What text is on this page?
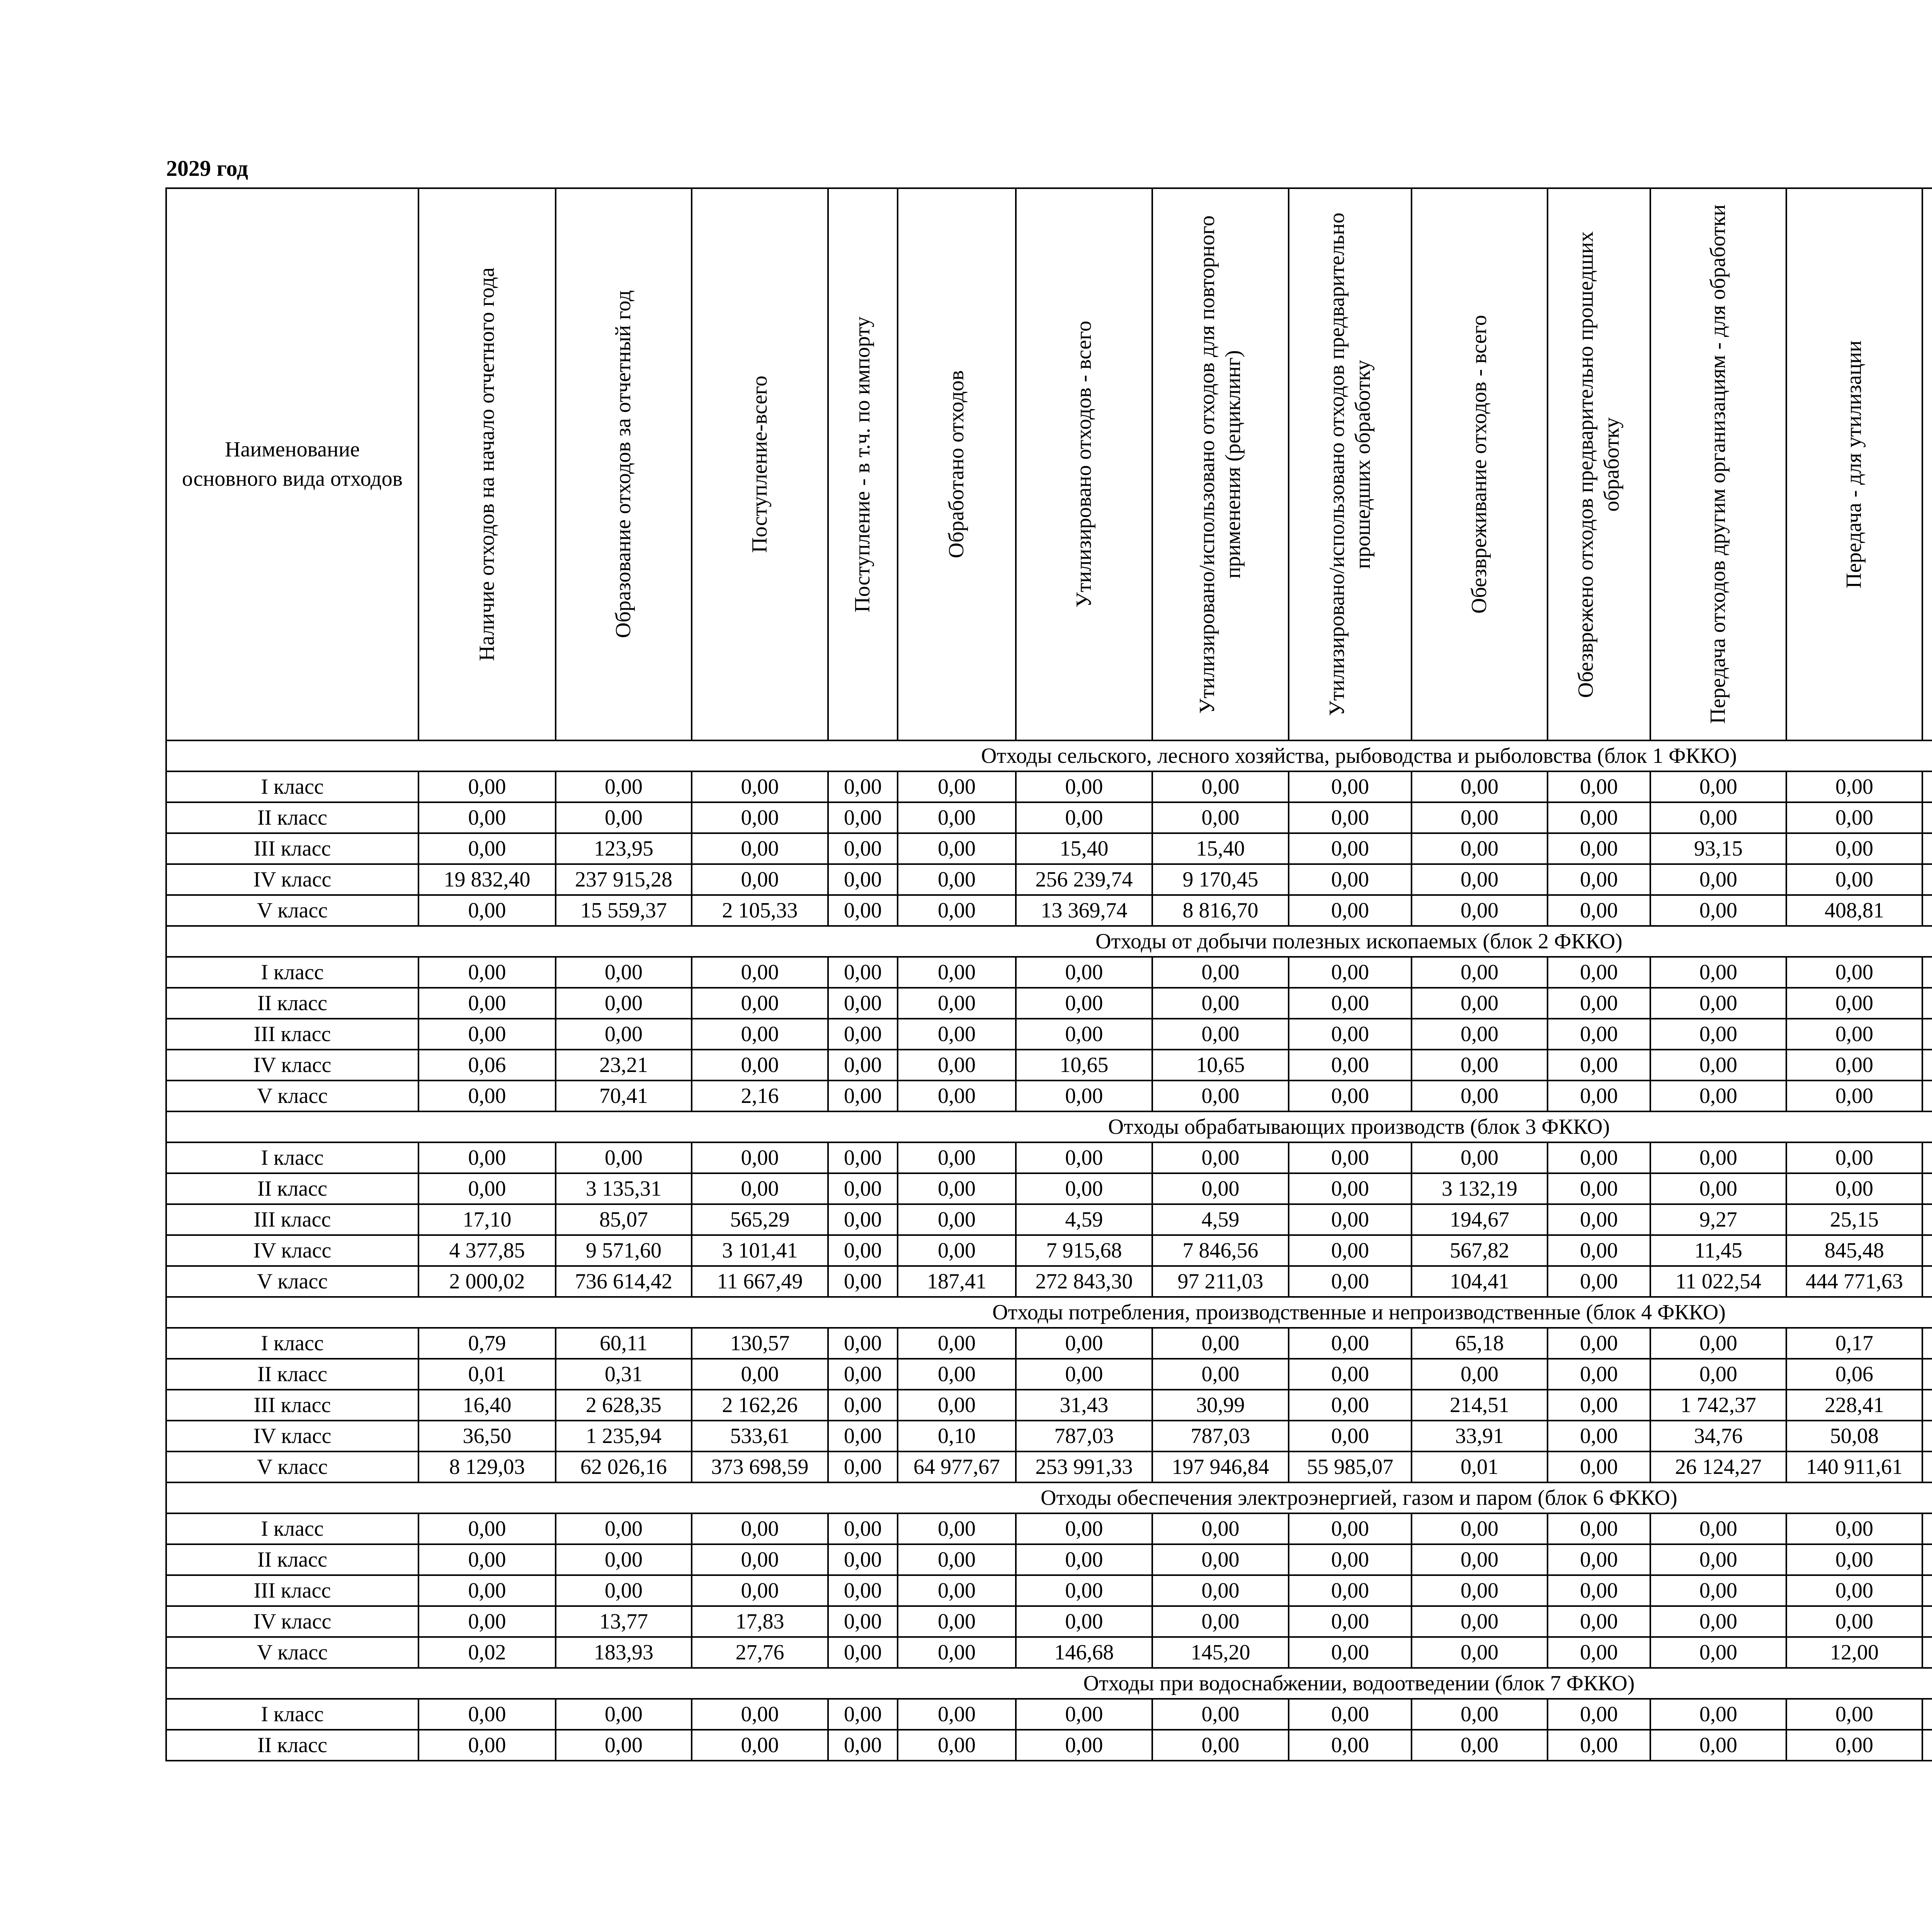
2029 год
Наименование основного вида отходов	Наличие отходов на начало отчетного года	Образование отходов за отчетный год	Поступление-всего	Поступление - в т.ч. по импорту	Обработано отходов	Утилизировано отходов - всего	Утилизировано/использовано отходов для повторного применения (рециклинг)	Утилизировано/использовано отходов предварительно прошедших обработку	Обезвреживание отходов - всего	Обезврежено отходов предварительно прошедших обработку	Передача отходов другим организациям - для обработки	Передача - для утилизации

Отходы сельского, лесного хозяйства, рыбоводства и рыболовства (блок 1 ФККО)																		
I класс	0,00	0,00	0,00	0,00	0,00	0,00	0,00	0,00	0,00	0,00	0,00	0,00						
II класс	0,00	0,00	0,00	0,00	0,00	0,00	0,00	0,00	0,00	0,00	0,00	0,00						
III класс	0,00	123,95	0,00	0,00	0,00	15,40	15,40	0,00	0,00	0,00	93,15	0,00						
IV класс	19 832,40	237 915,28	0,00	0,00	0,00	256 239,74	9 170,45	0,00	0,00	0,00	0,00	0,00						
V класс	0,00	15 559,37	2 105,33	0,00	0,00	13 369,74	8 816,70	0,00	0,00	0,00	0,00	408,81						
Отходы от добычи полезных ископаемых (блок 2 ФККО)																		
I класс	0,00	0,00	0,00	0,00	0,00	0,00	0,00	0,00	0,00	0,00	0,00	0,00						
II класс	0,00	0,00	0,00	0,00	0,00	0,00	0,00	0,00	0,00	0,00	0,00	0,00						
III класс	0,00	0,00	0,00	0,00	0,00	0,00	0,00	0,00	0,00	0,00	0,00	0,00						
IV класс	0,06	23,21	0,00	0,00	0,00	10,65	10,65	0,00	0,00	0,00	0,00	0,00						
V класс	0,00	70,41	2,16	0,00	0,00	0,00	0,00	0,00	0,00	0,00	0,00	0,00						
Отходы обрабатывающих производств (блок 3 ФККО)																		
I класс	0,00	0,00	0,00	0,00	0,00	0,00	0,00	0,00	0,00	0,00	0,00	0,00						
II класс	0,00	3 135,31	0,00	0,00	0,00	0,00	0,00	0,00	3 132,19	0,00	0,00	0,00						
III класс	17,10	85,07	565,29	0,00	0,00	4,59	4,59	0,00	194,67	0,00	9,27	25,15						
IV класс	4 377,85	9 571,60	3 101,41	0,00	0,00	7 915,68	7 846,56	0,00	567,82	0,00	11,45	845,48						
V класс	2 000,02	736 614,42	11 667,49	0,00	187,41	272 843,30	97 211,03	0,00	104,41	0,00	11 022,54	444 771,63						
Отходы потребления, производственные и непроизводственные (блок 4 ФККО)																		
I класс	0,79	60,11	130,57	0,00	0,00	0,00	0,00	0,00	65,18	0,00	0,00	0,17						
II класс	0,01	0,31	0,00	0,00	0,00	0,00	0,00	0,00	0,00	0,00	0,00	0,06						
III класс	16,40	2 628,35	2 162,26	0,00	0,00	31,43	30,99	0,00	214,51	0,00	1 742,37	228,41						
IV класс	36,50	1 235,94	533,61	0,00	0,10	787,03	787,03	0,00	33,91	0,00	34,76	50,08						
V класс	8 129,03	62 026,16	373 698,59	0,00	64 977,67	253 991,33	197 946,84	55 985,07	0,01	0,00	26 124,27	140 911,61						
Отходы обеспечения электроэнергией, газом и паром (блок 6 ФККО)																		
I класс	0,00	0,00	0,00	0,00	0,00	0,00	0,00	0,00	0,00	0,00	0,00	0,00						
II класс	0,00	0,00	0,00	0,00	0,00	0,00	0,00	0,00	0,00	0,00	0,00	0,00						
III класс	0,00	0,00	0,00	0,00	0,00	0,00	0,00	0,00	0,00	0,00	0,00	0,00						
IV класс	0,00	13,77	17,83	0,00	0,00	0,00	0,00	0,00	0,00	0,00	0,00	0,00						
V класс	0,02	183,93	27,76	0,00	0,00	146,68	145,20	0,00	0,00	0,00	0,00	12,00						
Отходы при водоснабжении, водоотведении (блок 7 ФККО)																		
I класс	0,00	0,00	0,00	0,00	0,00	0,00	0,00	0,00	0,00	0,00	0,00	0,00						
II класс	0,00	0,00	0,00	0,00	0,00	0,00	0,00	0,00	0,00	0,00	0,00	0,00						
